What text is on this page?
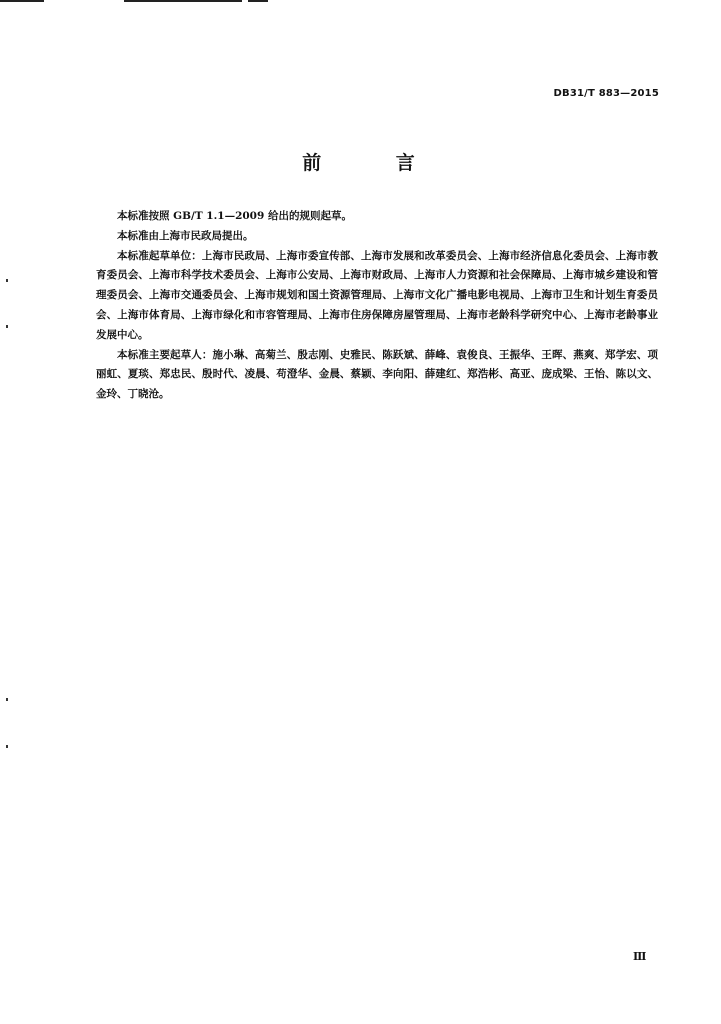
DB31/T 883—2015
前 言

本标准按照 GB/T 1.1—2009 给出的规则起草。

本标准由上海市民政局提出。

本标准起草单位：上海市民政局、上海市委宣传部、上海市发展和改革委员会、上海市经济信息化委员会、上海市教育委员会、上海市科学技术委员会、上海市公安局、上海市财政局、上海市人力资源和社会保障局、上海市城乡建设和管理委员会、上海市交通委员会、上海市规划和国土资源管理局、上海市文化广播电影电视局、上海市卫生和计划生育委员会、上海市体育局、上海市绿化和市容管理局、上海市住房保障房屋管理局、上海市老龄科学研究中心、上海市老龄事业发展中心。

本标准主要起草人：施小琳、高菊兰、殷志刚、史雅民、陈跃斌、薛峰、袁俊良、王振华、王晖、燕爽、郑学宏、项丽虹、夏琰、郑忠民、殷时代、凌晨、苟澄华、金晨、蔡颖、李向阳、薛建红、郑浩彬、高亚、庞成梁、王怡、陈以文、金玲、丁晓沧。

Ⅲ
